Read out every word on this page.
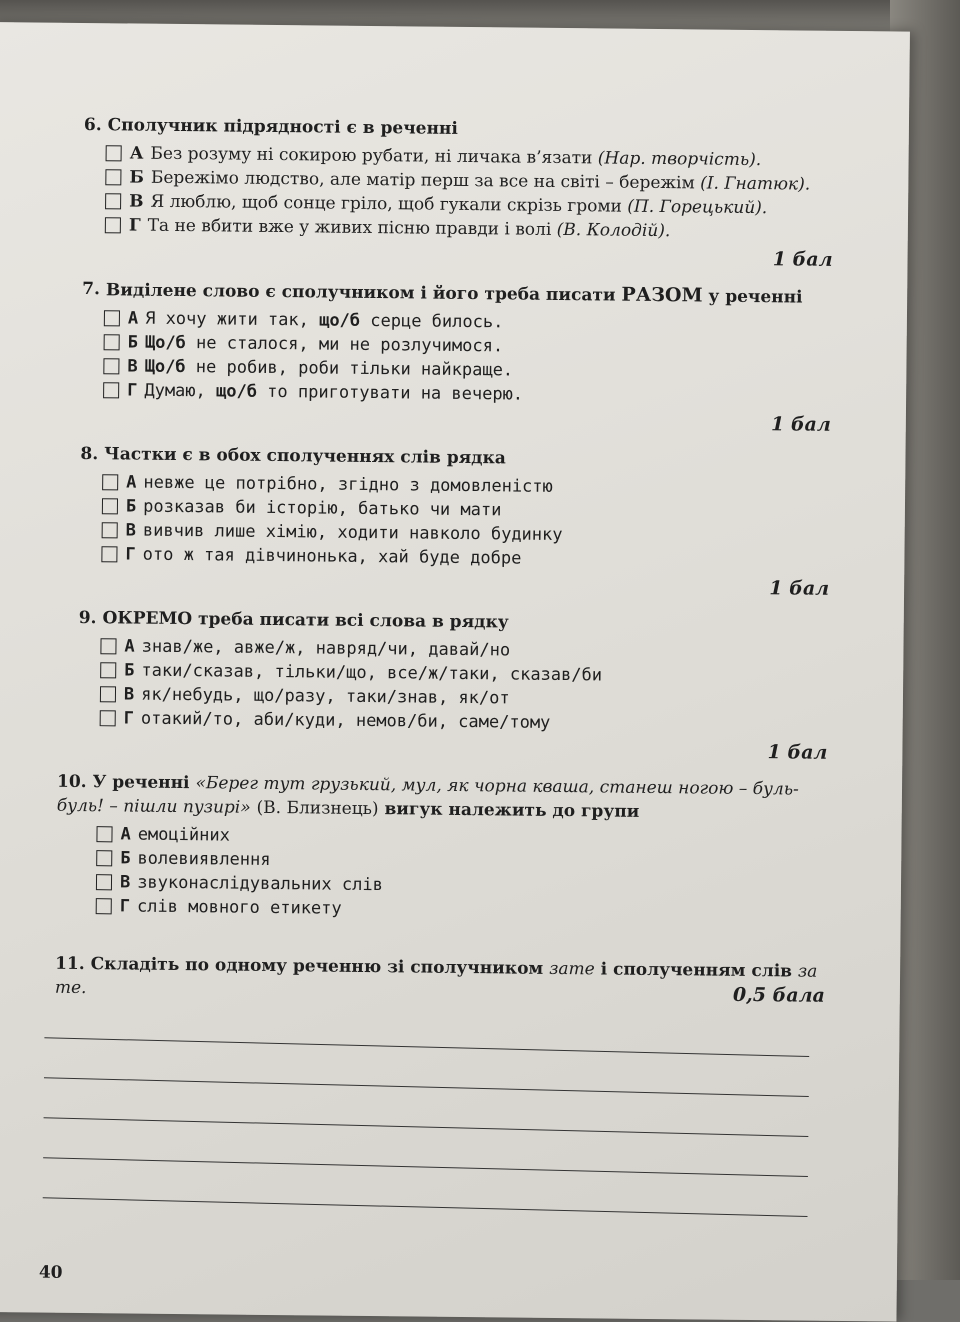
6. Сполучник підрядності є в реченні
А Без розуму ні сокирою рубати, ні личака в’язати (Нар. творчість).
Б Бережімо людство, але матір перш за все на світі – бережім (І. Гнатюк).
В Я люблю, щоб сонце гріло, щоб гукали скрізь громи (П. Горецький).
Г Та не вбити вже у живих пісню правди і волі (В. Колодій).
1 бал
7. Виділене слово є сполучником і його треба писати РАЗОМ у реченні
А Я хочу жити так, що/б серце билось.
Б Що/б не сталося, ми не розлучимося.
В Що/б не робив, роби тільки найкраще.
Г Думаю, що/б то приготувати на вечерю.
1 бал
8. Частки є в обох сполученнях слів рядка
А невже це потрібно, згідно з домовленістю
Б розказав би історію, батько чи мати
В вивчив лише хімію, ходити навколо будинку
Г ото ж тая дівчинонька, хай буде добре
1 бал
9. ОКРЕМО треба писати всі слова в рядку
А знав/же, авже/ж, навряд/чи, давай/но
Б таки/сказав, тільки/що, все/ж/таки, сказав/би
В як/небудь, що/разу, таки/знав, як/от
Г отакий/то, аби/куди, немов/би, саме/тому
1 бал
10. У реченні «Берег тут грузький, мул, як чорна кваша, станеш ногою – буль-буль! – пішли пузирі» (В. Близнець) вигук належить до групи
А емоційних
Б волевиявлення
В звуконаслідувальних слів
Г слів мовного етикету
11. Складіть по одному реченню зі сполучником зате і сполученням слів за те.	0,5 бала
40
